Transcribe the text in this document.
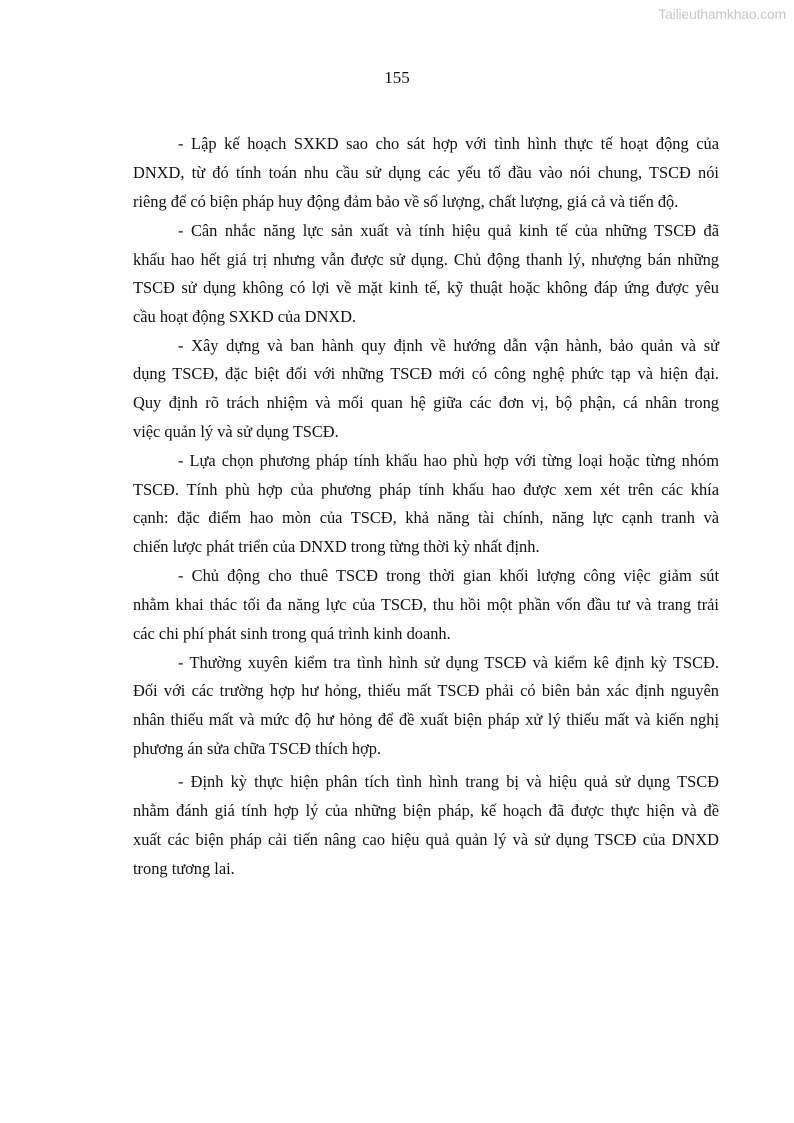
Tailieuthamkhao.com
155
- Lập kế hoạch SXKD sao cho sát hợp với tình hình thực tế hoạt động của
DNXD, từ đó tính toán nhu cầu sử dụng các yếu tố đầu vào nói chung, TSCĐ nói
riêng để có biện pháp huy động đảm bảo về số lượng, chất lượng, giá cả và tiến độ.
- Cân nhắc năng lực sản xuất và tính hiệu quả kinh tế của những TSCĐ đã
khấu hao hết giá trị nhưng vẫn được sử dụng. Chủ động thanh lý, nhượng bán những
TSCĐ sử dụng không có lợi về mặt kinh tế, kỹ thuật hoặc không đáp ứng được yêu
cầu hoạt động SXKD của DNXD.
- Xây dựng và ban hành quy định về hướng dẫn vận hành, bảo quản và sử
dụng TSCĐ, đặc biệt đối với những TSCĐ mới có công nghệ phức tạp và hiện đại.
Quy định rõ trách nhiệm và mối quan hệ giữa các đơn vị, bộ phận, cá nhân trong
việc quản lý và sử dụng TSCĐ.
- Lựa chọn phương pháp tính khấu hao phù hợp với từng loại hoặc từng nhóm
TSCĐ. Tính phù hợp của phương pháp tính khấu hao được xem xét trên các khía
cạnh: đặc điểm hao mòn của TSCĐ, khả năng tài chính, năng lực cạnh tranh và
chiến lược phát triển của DNXD trong từng thời kỳ nhất định.
- Chủ động cho thuê TSCĐ trong thời gian khối lượng công việc giảm sút
nhằm khai thác tối đa năng lực của TSCĐ, thu hồi một phần vốn đầu tư và trang trải
các chi phí phát sinh trong quá trình kinh doanh.
- Thường xuyên kiểm tra tình hình sử dụng TSCĐ và kiểm kê định kỳ TSCĐ.
Đối với các trường hợp hư hỏng, thiếu mất TSCĐ phải có biên bản xác định nguyên
nhân thiếu mất và mức độ hư hỏng để đề xuất biện pháp xử lý thiếu mất và kiến nghị
phương án sửa chữa TSCĐ thích hợp.
- Định kỳ thực hiện phân tích tình hình trang bị và hiệu quả sử dụng TSCĐ
nhằm đánh giá tính hợp lý của những biện pháp, kế hoạch đã được thực hiện và đề
xuất các biện pháp cải tiến nâng cao hiệu quả quản lý và sử dụng TSCĐ của DNXD
trong tương lai.
